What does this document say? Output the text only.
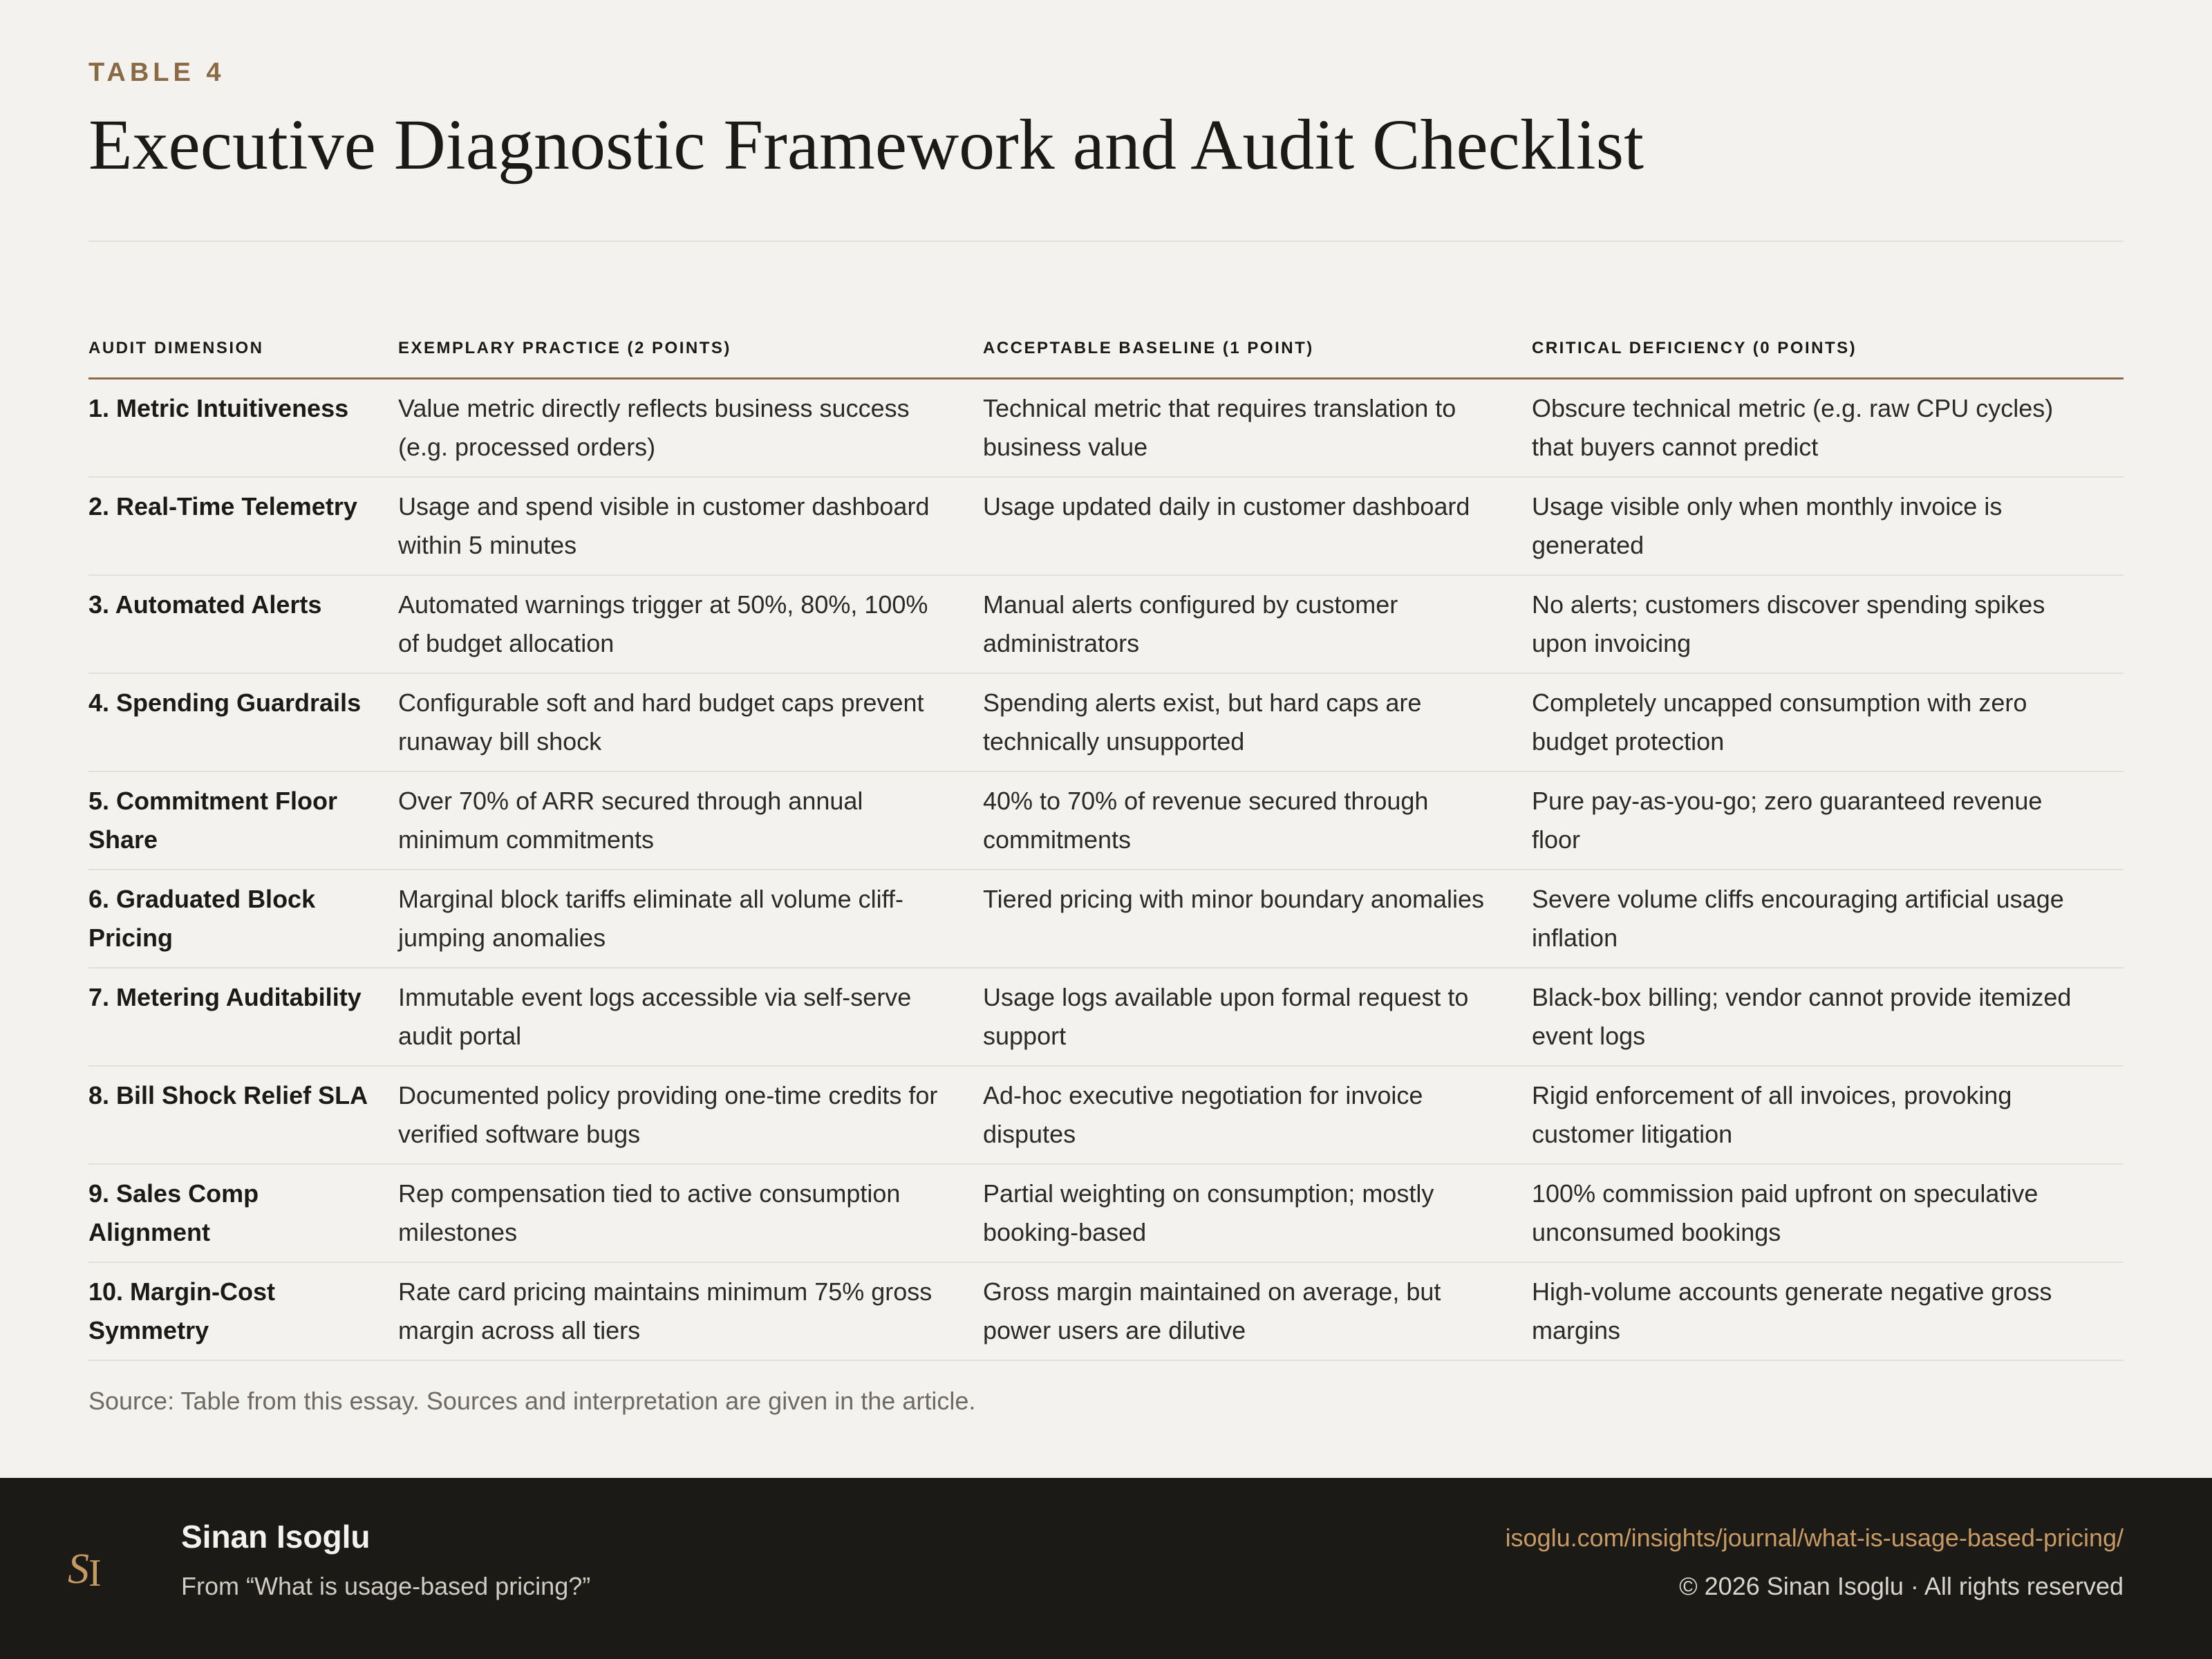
TABLE 4
Executive Diagnostic Framework and Audit Checklist
AUDIT DIMENSION	EXEMPLARY PRACTICE (2 POINTS)	ACCEPTABLE BASELINE (1 POINT)	CRITICAL DEFICIENCY (0 POINTS)
1. Metric Intuitiveness	Value metric directly reflects business success (e.g. processed orders)	Technical metric that requires translation to business value	Obscure technical metric (e.g. raw CPU cycles) that buyers cannot predict
2. Real-Time Telemetry	Usage and spend visible in customer dashboard within 5 minutes	Usage updated daily in customer dashboard	Usage visible only when monthly invoice is generated
3. Automated Alerts	Automated warnings trigger at 50%, 80%, 100% of budget allocation	Manual alerts configured by customer administrators	No alerts; customers discover spending spikes upon invoicing
4. Spending Guardrails	Configurable soft and hard budget caps prevent runaway bill shock	Spending alerts exist, but hard caps are technically unsupported	Completely uncapped consumption with zero budget protection
5. Commitment Floor Share	Over 70% of ARR secured through annual minimum commitments	40% to 70% of revenue secured through commitments	Pure pay-as-you-go; zero guaranteed revenue floor
6. Graduated Block Pricing	Marginal block tariffs eliminate all volume cliff-jumping anomalies	Tiered pricing with minor boundary anomalies	Severe volume cliffs encouraging artificial usage inflation
7. Metering Auditability	Immutable event logs accessible via self-serve audit portal	Usage logs available upon formal request to support	Black-box billing; vendor cannot provide itemized event logs
8. Bill Shock Relief SLA	Documented policy providing one-time credits for verified software bugs	Ad-hoc executive negotiation for invoice disputes	Rigid enforcement of all invoices, provoking customer litigation
9. Sales Comp Alignment	Rep compensation tied to active consumption milestones	Partial weighting on consumption; mostly booking-based	100% commission paid upfront on speculative unconsumed bookings
10. Margin-Cost Symmetry	Rate card pricing maintains minimum 75% gross margin across all tiers	Gross margin maintained on average, but power users are dilutive	High-volume accounts generate negative gross margins
Source: Table from this essay. Sources and interpretation are given in the article.
S I
Sinan Isoglu
From “What is usage-based pricing?”
isoglu.com/insights/journal/what-is-usage-based-pricing/
© 2026 Sinan Isoglu · All rights reserved
